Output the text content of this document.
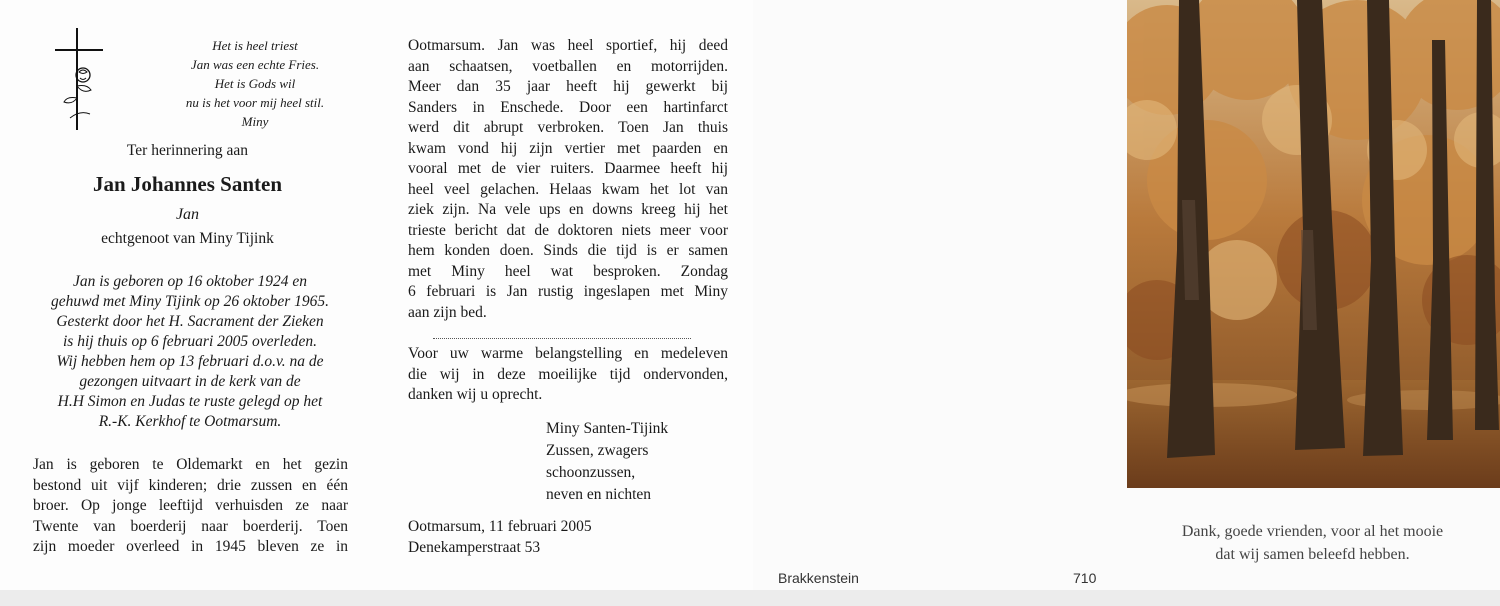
Het is heel triest
Jan was een echte Fries.
Het is Gods wil
nu is het voor mij heel stil.
Miny
Ter herinnering aan
Jan Johannes Santen
Jan
echtgenoot van Miny Tijink
Jan is geboren op 16 oktober 1924 en
gehuwd met Miny Tijink op 26 oktober 1965.
Gesterkt door het H. Sacrament der Zieken
is hij thuis op 6 februari 2005 overleden.
Wij hebben hem op 13 februari d.o.v. na de
gezongen uitvaart in de kerk van de
H.H Simon en Judas te ruste gelegd op het
R.-K. Kerkhof te Ootmarsum.
Jan is geboren te Oldemarkt en het gezin
bestond uit vijf kinderen; drie zussen en één
broer. Op jonge leeftijd verhuisden ze naar
Twente van boerderij naar boerderij. Toen
zijn moeder overleed in 1945 bleven ze in
Ootmarsum. Jan was heel sportief, hij deed
aan schaatsen, voetballen en motorrijden.
Meer dan 35 jaar heeft hij gewerkt bij
Sanders in Enschede. Door een hartinfarct
werd dit abrupt verbroken. Toen Jan thuis
kwam vond hij zijn vertier met paarden en
vooral met de vier ruiters. Daarmee heeft hij
heel veel gelachen. Helaas kwam het lot van
ziek zijn. Na vele ups en downs kreeg hij het
trieste bericht dat de doktoren niets meer voor
hem konden doen. Sinds die tijd is er samen
met Miny heel wat besproken. Zondag
6 februari is Jan rustig ingeslapen met Miny
aan zijn bed.
Voor uw warme belangstelling en medeleven
die wij in deze moeilijke tijd ondervonden,
danken wij u oprecht.
Miny Santen-Tijink
Zussen, zwagers
schoonzussen,
neven en nichten
Ootmarsum, 11 februari 2005
Denekamperstraat 53
Brakkenstein	710
Dank, goede vrienden, voor al het mooie
dat wij samen beleefd hebben.
